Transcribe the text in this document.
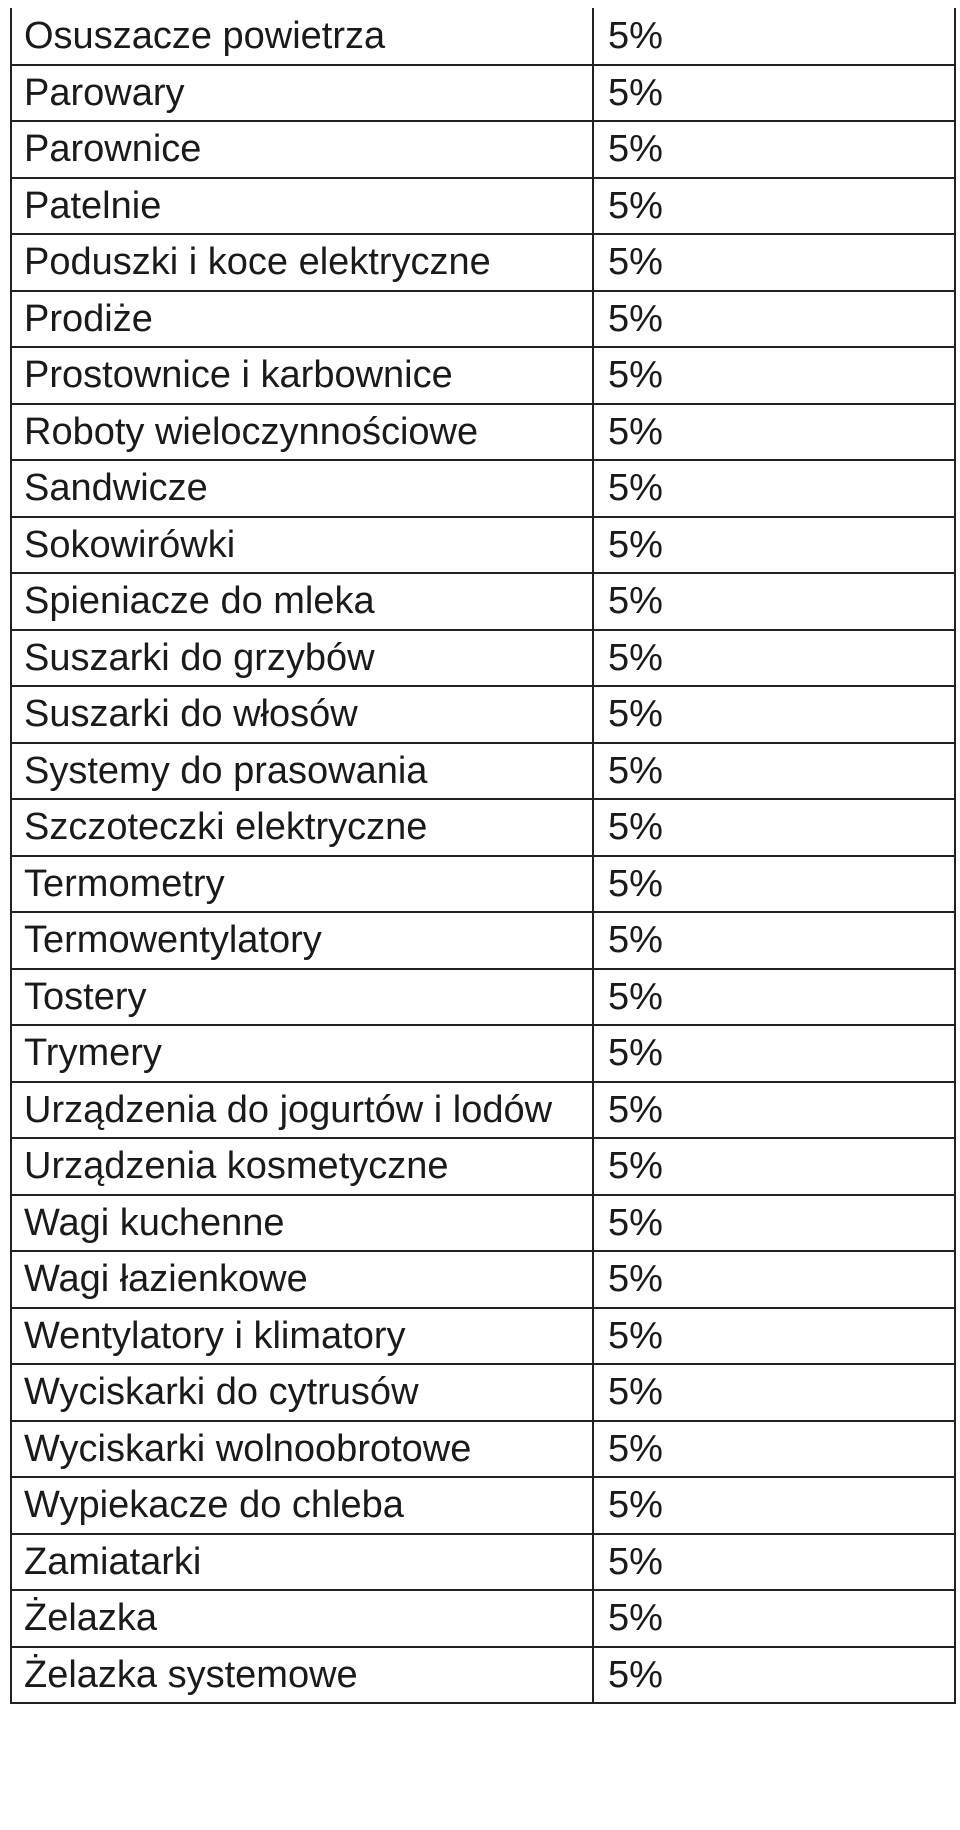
Osuszacze powietrza	5%
Parowary	5%
Parownice	5%
Patelnie	5%
Poduszki i koce elektryczne	5%
Prodiże	5%
Prostownice i karbownice	5%
Roboty wieloczynnościowe	5%
Sandwicze	5%
Sokowirówki	5%
Spieniacze do mleka	5%
Suszarki do grzybów	5%
Suszarki do włosów	5%
Systemy do prasowania	5%
Szczoteczki elektryczne	5%
Termometry	5%
Termowentylatory	5%
Tostery	5%
Trymery	5%
Urządzenia do jogurtów i lodów	5%
Urządzenia kosmetyczne	5%
Wagi kuchenne	5%
Wagi łazienkowe	5%
Wentylatory i klimatory	5%
Wyciskarki do cytrusów	5%
Wyciskarki wolnoobrotowe	5%
Wypiekacze do chleba	5%
Zamiatarki	5%
Żelazka	5%
Żelazka systemowe	5%
